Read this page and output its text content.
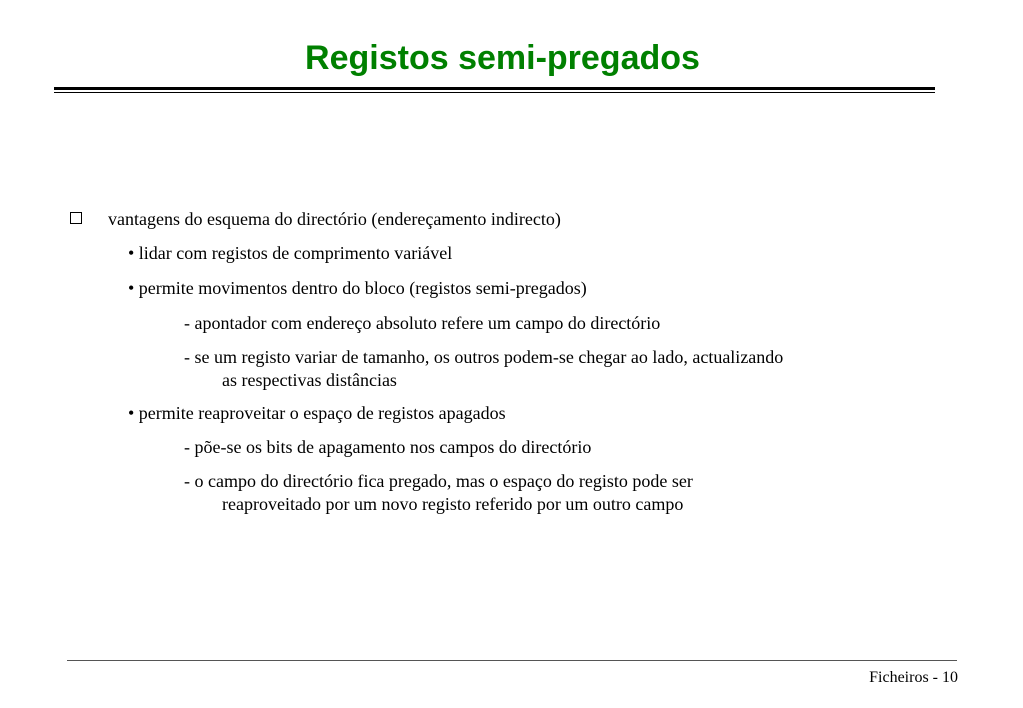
Registos semi-pregados
vantagens do esquema do directório (endereçamento indirecto)
• lidar com registos de comprimento variável
• permite movimentos dentro do bloco (registos semi-pregados)
- apontador com endereço absoluto refere um campo do directório
- se um registo variar de tamanho, os outros podem-se chegar ao lado, actualizando
as respectivas distâncias
• permite reaproveitar o espaço de registos apagados
- põe-se os bits de apagamento nos campos do directório
- o campo do directório fica pregado, mas o espaço do registo pode ser
reaproveitado por um novo registo referido por um outro campo
Ficheiros - 10
